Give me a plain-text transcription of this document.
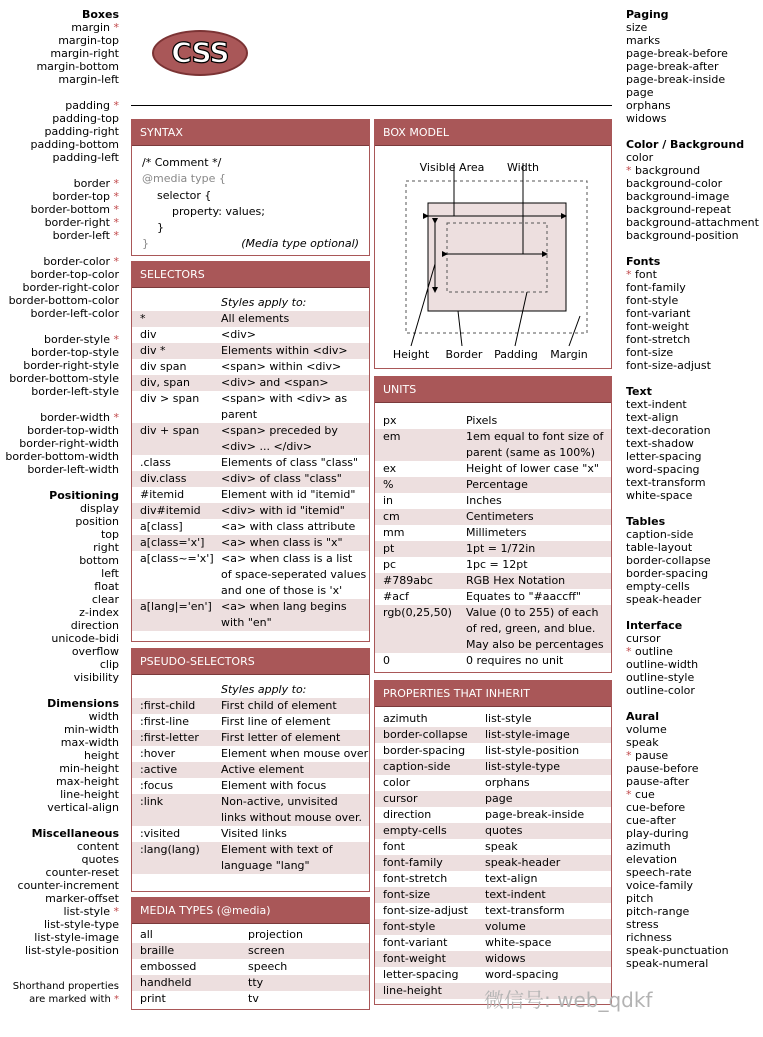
Boxes
margin *
margin-top
margin-right
margin-bottom
margin-left
padding *
padding-top
padding-right
padding-bottom
padding-left
border *
border-top *
border-bottom *
border-right *
border-left *
border-color *
border-top-color
border-right-color
border-bottom-color
border-left-color
border-style *
border-top-style
border-right-style
border-bottom-style
border-left-style
border-width *
border-top-width
border-right-width
border-bottom-width
border-left-width
Positioning
display
position
top
right
bottom
left
float
clear
z-index
direction
unicode-bidi
overflow
clip
visibility
Dimensions
width
min-width
max-width
height
min-height
max-height
line-height
vertical-align
Miscellaneous
content
quotes
counter-reset
counter-increment
marker-offset
list-style *
list-style-type
list-style-image
list-style-position
Shorthand properties
are marked with *
Paging
size
marks
page-break-before
page-break-after
page-break-inside
page
orphans
widows
Color / Background
color
* background
background-color
background-image
background-repeat
background-attachment
background-position
Fonts
* font
font-family
font-style
font-variant
font-weight
font-stretch
font-size
font-size-adjust
Text
text-indent
text-align
text-decoration
text-shadow
letter-spacing
word-spacing
text-transform
white-space
Tables
caption-side
table-layout
border-collapse
border-spacing
empty-cells
speak-header
Interface
cursor
* outline
outline-width
outline-style
outline-color
Aural
volume
speak
* pause
pause-before
pause-after
* cue
cue-before
cue-after
play-during
azimuth
elevation
speech-rate
voice-family
pitch
pitch-range
stress
richness
speak-punctuation
speak-numeral
CSS
SYNTAX
/* Comment */
@media type {
selector {
property: values;
}
}	(Media type optional)
BOX MODEL
Visible Area Width
Height Border Padding Margin
SELECTORS
Styles apply to:
*	All elements
div	<div>
div *	Elements within <div>
div span	<span> within <div>
div, span	<div> and <span>
div > span	<span> with <div> as
parent
div + span	<span> preceded by
<div> ... </div>
.class	Elements of class "class"
div.class	<div> of class "class"
#itemid	Element with id "itemid"
div#itemid	<div> with id "itemid"
a[class]	<a> with class attribute
a[class='x']	<a> when class is "x"
a[class~='x'] <a> when class is a list
of space-seperated values
and one of those is 'x'
a[lang|='en'] <a> when lang begins
with "en"
PSEUDO-SELECTORS
Styles apply to:
:first-child	First child of element
:first-line	First line of element
:first-letter	First letter of element
:hover	Element when mouse over
:active	Active element
:focus	Element with focus
:link	Non-active, unvisited
links without mouse over.
:visited	Visited links
:lang(lang)	Element with text of
language "lang"
MEDIA TYPES (@media)
all	projection
braille	screen
embossed	speech
handheld	tty
print	tv
UNITS
px	Pixels
em	1em equal to font size of
parent (same as 100%)
ex	Height of lower case "x"
%	Percentage
in	Inches
cm	Centimeters
mm	Millimeters
pt	1pt = 1/72in
pc	1pc = 12pt
#789abc	RGB Hex Notation
#acf	Equates to "#aaccff"
rgb(0,25,50)	Value (0 to 255) of each
of red, green, and blue.
May also be percentages
0	0 requires no unit
PROPERTIES THAT INHERIT
azimuth	list-style
border-collapse	list-style-image
border-spacing	list-style-position
caption-side	list-style-type
color	orphans
cursor	page
direction	page-break-inside
empty-cells	quotes
font	speak
font-family	speak-header
font-stretch	text-align
font-size	text-indent
font-size-adjust	text-transform
font-style	volume
font-variant	white-space
font-weight	widows
letter-spacing	word-spacing
line-height	微信号: web_qdkf
